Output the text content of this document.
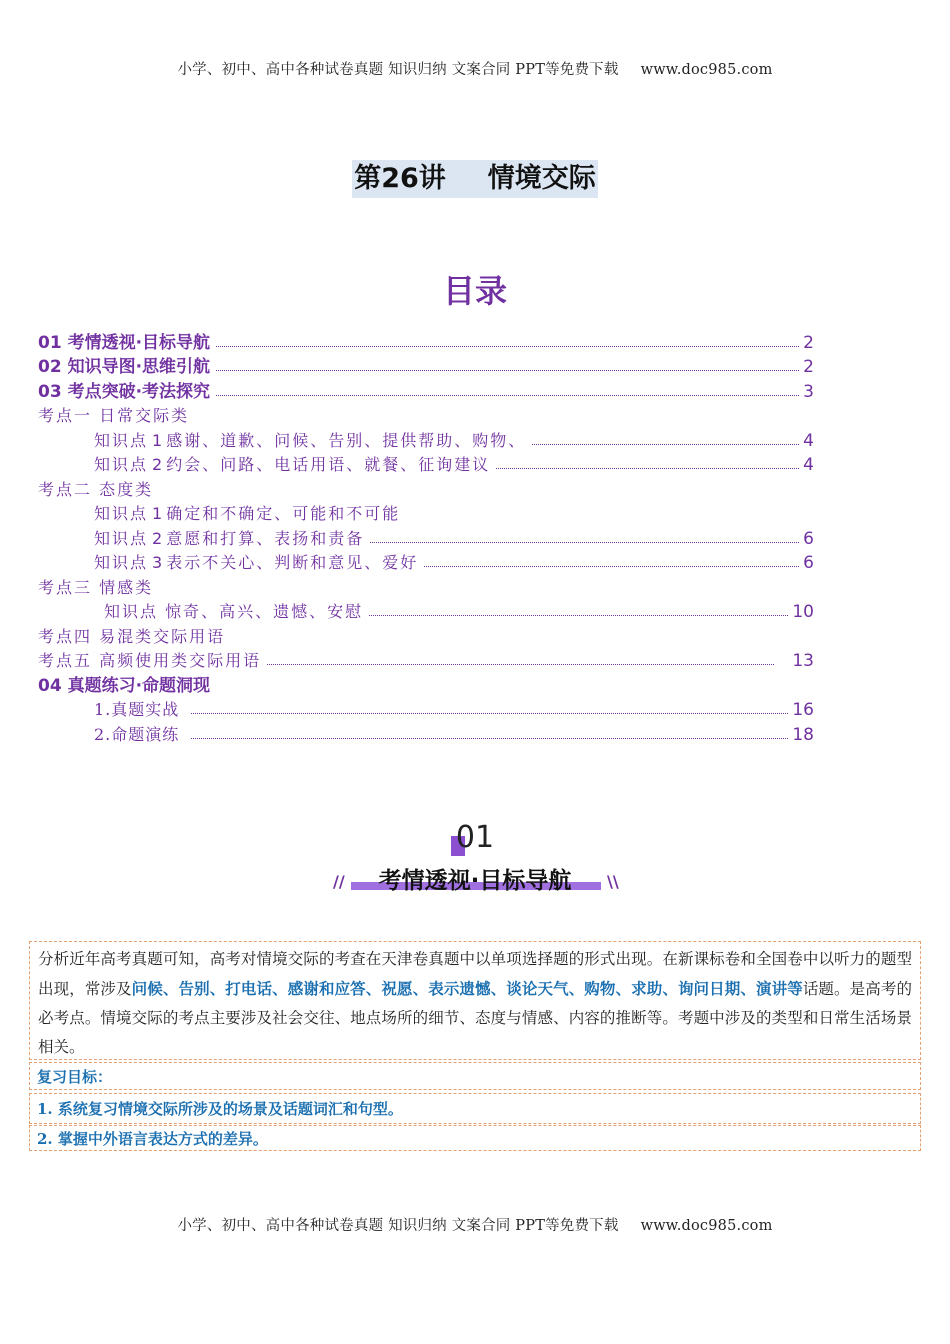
小学、初中、高中各种试卷真题 知识归纳 文案合同 PPT等免费下载 www.doc985.com
第26讲 情境交际
目录
01 考情透视·目标导航	2
02 知识导图·思维引航	2
03 考点突破·考法探究	3
考点一 日常交际类
知识点 1 感谢、道歉、问候、告别、提供帮助、购物、	4
知识点 2 约会、问路、电话用语、就餐、征询建议	4
考点二 态度类
知识点 1 确定和不确定、可能和不可能
知识点 2 意愿和打算、表扬和责备	6
知识点 3 表示不关心、判断和意见、爱好	6
考点三 情感类
知识点 惊奇、高兴、遗憾、安慰	10
考点四 易混类交际用语
考点五 高频使用类交际用语	13
04 真题练习·命题洞现
1.真题实战	16
2.命题演练	18
01
//	\\
考情透视·目标导航

分析近年高考真题可知，高考对情境交际的考查在天津卷真题中以单项选择题的形式出现。在新课标卷和全国卷中以听力的题型出现，常涉及问候、告别、打电话、感谢和应答、祝愿、表示遗憾、谈论天气、购物、求助、询问日期、演讲等话题。是高考的必考点。情境交际的考点主要涉及社会交往、地点场所的细节、态度与情感、内容的推断等。考题中涉及的类型和日常生活场景相关。

复习目标：
1. 系统复习情境交际所涉及的场景及话题词汇和句型。
2. 掌握中外语言表达方式的差异。
小学、初中、高中各种试卷真题 知识归纳 文案合同 PPT等免费下载 www.doc985.com
